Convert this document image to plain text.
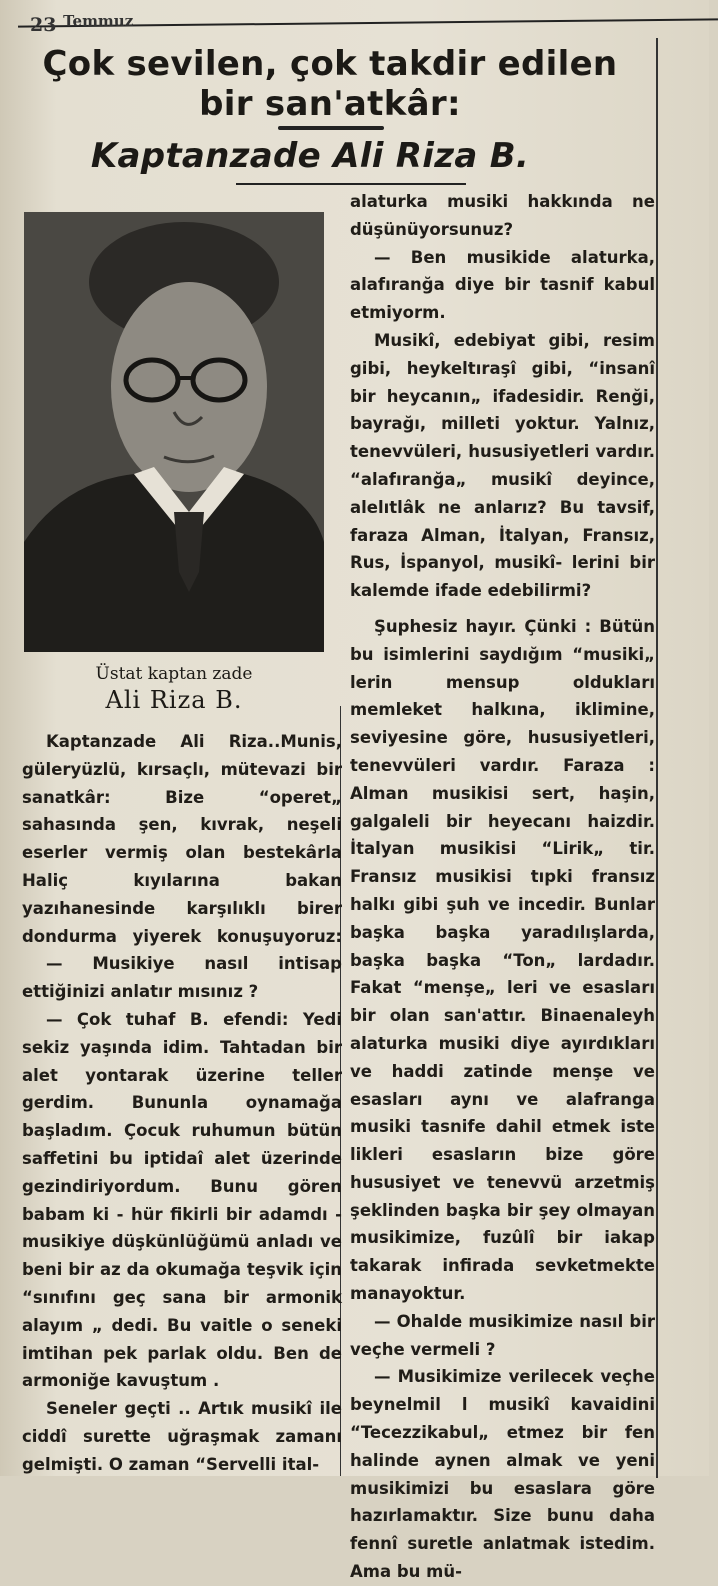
23 $^{Temmuz}$
Çok sevilen, çok takdir edilen
bir san'atkâr:
Kaptanzade Ali Riza B.
Üstat kaptan zade
Ali Riza B.

Kaptanzade Ali Riza..Munis, güleryüzlü, kırsaçlı, mütevazi bir sanatkâr: Bize “operet„ sahasında şen, kıvrak, neşeli eserler vermiş olan bestekârla Haliç kıyılarına bakan yazıhanesinde karşılıklı birer dondurma yiyerek konuşuyoruz:

— Musikiye nasıl intisap ettiğinizi anlatır mısınız ?

— Çok tuhaf B. efendi: Yedi sekiz yaşında idim. Tahtadan bir alet yontarak üzerine teller gerdim. Bununla oynamağa başladım. Çocuk ruhumun bütün saffetini bu iptidaî alet üzerinde gezindiriyordum. Bunu gören babam ki - hür fikirli bir adamdı - musikiye düşkünlüğümü anladı ve beni bir az da okumağa teşvik için “sınıfını geç sana bir armonik alayım „ dedi. Bu vaitle o seneki imtihan pek parlak oldu. Ben de armoniğe kavuştum .

Seneler geçti .. Artık musikî ile ciddî surette uğraşmak zamanı gelmişti. O zaman “Servelli ital-

alaturka musiki hakkında ne düşünüyorsunuz?

— Ben musikide alaturka, alafıranğa diye bir tasnif kabul etmiyorm.

Musikî, edebiyat gibi, resim gibi, heykeltıraşî gibi, “insanî bir heycanın„ ifadesidir. Renği, bayrağı, milleti yoktur. Yalnız, tenevvüleri, hususiyetleri vardır. “alafıranğa„ musikî deyince, alelıtlâk ne anlarız? Bu tavsif, faraza Alman, İtalyan, Fransız, Rus, İspanyol, musikî- lerini bir kalemde ifade edebilirmi?

Şuphesiz hayır. Çünki : Bütün bu isimlerini saydığım “musiki„ lerin mensup oldukları memleket halkına, iklimine, seviyesine göre, hususiyetleri, tenevvüleri vardır. Faraza : Alman musikisi sert, haşin, galgaleli bir heyecanı haizdir. İtalyan musikisi “Lirik„ tir. Fransız musikisi tıpki fransız halkı gibi şuh ve incedir. Bunlar başka başka yaradılışlarda, başka başka “Ton„ lardadır. Fakat “menşe„ leri ve esasları bir olan san'attır. Binaenaleyh alaturka musiki diye ayırdıkları ve haddi zatinde menşe ve esasları aynı ve alafranga musiki tasnife dahil etmek iste likleri esasların bize göre hususiyet ve tenevvü arzetmiş şeklinden başka bir şey olmayan musikimize, fuzûlî bir iakap takarak infirada sevketmekte manayoktur.

— Ohalde musikimize nasıl bir veçhe vermeli ?

— Musikimize verilecek veçhe beynelmil l musikî kavaidini “Tecezzikabul„ etmez bir fen halinde aynen almak ve yeni musikimizi bu esaslara göre hazırlamaktır. Size bunu daha fennî suretle anlatmak istedim. Ama bu mü-
